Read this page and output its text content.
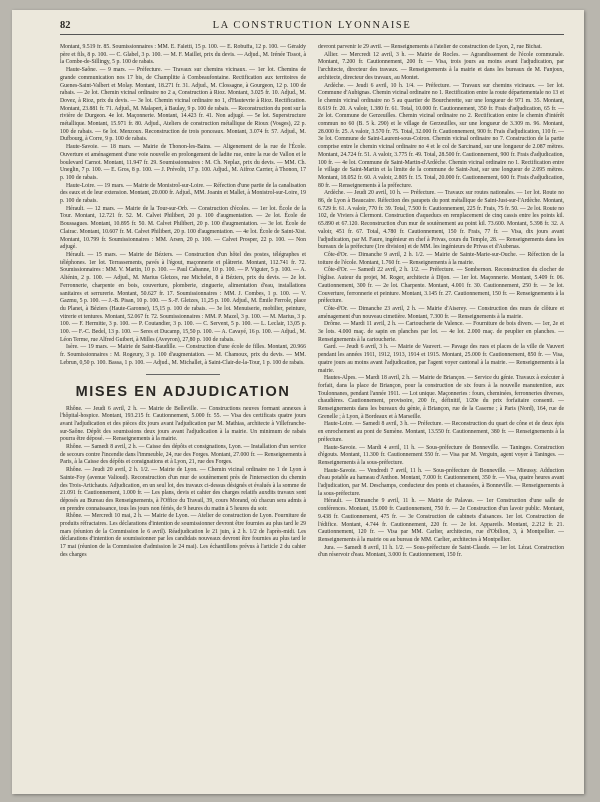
82	LA CONSTRUCTION LYONNAISE

Montant, 9.519 fr. 85. Soumissionnaires : MM. E. Faletti, 15 p. 100. — E. Robuffa, 12 p. 100. — Géraldy père et fils, 8 p. 100. — C. Glabel, 3 p. 100. — M. F. Maillet, prix du devis. — Adjud., M. Irénée Tissot, à la Combe-de-Sillingy, 5 p. 100 de rabais.

Haute-Saône. — 9 mars. — Préfecture. — Travaux sur chemins vicinaux. — 1er lot. Chemins de grande communication nos 17 bis, de Champlitte à Combeaufontaine. Rectification aux territoires de Guenes-Saint-Valbert et Molay. Montant, 18.271 fr. 31. Adjud., M. Clossagne, à Gourgeon, 12 p. 100 de rabais. — 2e lot. Chemin vicinal ordinaire no 2 a, Construction à Rioz. Montant, 3.025 fr. 10. Adjud., M. Dovez, à Rioz, prix du devis. — 3e lot. Chemin vicinal ordinaire no 1, d'Hautevrie à Rioz. Rectification. Montant, 23.881 fr. 71. Adjud., M. Malapert, à Baulay, 9 p. 100 de rabais. — Reconstruction du pont sur la rivière de Durgeon. 4e lot. Maçonnerie. Montant, 14.423 fr. 41. Non adjugé. — 5e lot. Superstructure métallique. Montant, 15.971 fr. 80. Adjud., Ateliers de construction métallique de Rioux (Vosges), 22 p. 100 de rabais. — 6e lot. Menzoux. Reconstruction de trois ponceaux. Montant, 3.074 fr. 57. Adjud., M. Dufbourg, à Corre, 9 p. 100 de rabais.

Haute-Savoie. — 18 mars. — Mairie de Thonon-les-Bains. — Aligenement de la rue de l'École. Ouverture et aménagement d'une voie nouvelle en prolongement de ladite rue, entre la rue de Vallon et le boulevard Carnot. Montant, 11.947 fr. 29. Soumissionnaires : M. Ch. Neplaz, prix du devis. — MM. Ch. Uneglin, 7 p. 100. — E. Gros, 8 p. 100. — J. Prévolit, 17 p. 100. Adjud., M. Aifroz Carrier, à Thonon, 17 p. 100 de rabais.

Haute-Loire. — 19 mars. — Mairie de Monistrol-sur-Loire. — Réfection d'une partie de la canalisation des eaux et de leur extension. Montant, 20.000 fr. Adjud., MM. Joanin et Mallet, à Monistrol-sur-Loire, 19 p. 100 de rabais.

Hérault. — 12 mars. — Mairie de la Tour-sur-Orb. — Construction d'écoles. — 1er lot. École de la Tour. Montant, 12.721 fr. 52. M. Calvet Philibert, 20 p. 100 d'augmentation. — 2e lot. École de Boussagues. Montant, 10.895 fr. 50. M. Calvet Philibert, 20 p. 100 d'augmentation. — 3e lot. École de Clairac. Montant, 10.607 fr. M. Calvet Philibert, 20 p. 100 d'augmentation. — 4e lot. École de Saint-Xist. Montant, 10.799 fr. Soumissionnaires : MM. Arsen, 20 p. 100. — Calvet Prosper, 22 p. 100. — Non adjugé.

Hérault. — 15 mars. — Mairie de Béziers. — Construction d'un hôtel des postes, télégraphes et téléphones. 1er lot. Terrassements, pavés à l'égout, maçonnerie et plâtrerie. Montant, 112.741 fr. 72. Soumissionnaires : MM. V. Martin, 10 p. 100. — Paul Cabanne, 10 p. 100. — P. Viguier, 5 p. 100. — A. Aliénin, 2 p. 100. — Adjud., M. Marius Gleizes, rue Michelet, 8 à Béziers, prix du devis. — 2e lot. Ferronnerie, charpente en bois, couverture, plomberie, zinguerie, alimentation d'eau, installations sanitaires et serrurerie. Montant, 50.627 fr. 17. Soumissionnaires : MM. J. Combes, 1 p. 100. — V. Gazmu, 5 p. 100. — J.-B. Pisan, 10 p. 100. — S.-F. Gleizes, 11,25 p. 100. Adjud., M. Émile Ferrole, place du Planet, à Béziers (Haute-Garonne), 15,15 p. 100 de rabais. — 3e lot. Menuiserie, mobilier, peinture, vitrerie et tentures. Montant, 52.067 fr. 72. Soumissionnaires : MM. P. Mazel, 3 p. 100. — M. Marius, 3 p. 100. — F. Hermitte, 3 p. 100. — P. Coutandier, 3 p. 100. — C. Servent, 5 p. 100. — L. Leclair, 13,05 p. 100. — F.-C. Bedel, 13 p. 100. — Seres et Ducamp, 15,50 p. 100. — A. Cavayé, 16 p. 100. — Adjud., M. Léon Terme, rue Alfred Guibert, à Milles (Aveyron), 27,80 p. 100 de rabais.

Isère. — 19 mars. — Mairie de Saint-Baudille. — Construction d'une école de filles. Montant, 20.966 fr. Soumissionnaires : M. Rogeury, 3 p. 100 d'augmentation. — M. Chamoux, prix du devis. — MM. Lebrun, 0,50 p. 100. Bassa, 1 p. 100. — Adjud., M. Michallet, à Saint-Clair-de-la-Tour, 1 p. 100 de rabais.

MISES EN ADJUDICATION

Rhône. — Jeudi 6 avril, 2 h. — Mairie de Belleville. — Constructions neuves formant annexes à l'hôpital-hospice. Montant, 193.215 fr. Cautionnement, 5.000 fr. 55. — Visa des certificats quatre jours avant l'adjudication et des pièces dix jours avant l'adjudication par M. Mathias, architecte à Villefranche-sur-Saône. Dépôt des soumissions deux jours avant l'adjudication à la mairie. Un minimum de rabais pourra être déposé. — Renseignements à la mairie.

Rhône. — Samedi 8 avril, 2 h. — Caisse des dépôts et consignations, Lyon. — Installation d'un service de secours contre l'incendie dans l'immeuble, 24, rue des Forges. Montant, 27.000 fr. — Renseignements à Paris, à la Caisse des dépôts et consignations et à Lyon, 21, rue des Forges.

Rhône. — Jeudi 20 avril, 2 h. 1/2. — Mairie de Lyon. — Chemin vicinal ordinaire no 1 de Lyon à Sainte-Foy (avenue Valioud). Reconstruction d'un mur de soutènement près de l'intersection du chemin des Trois-Artichauts. Adjudication, en un seul lot, des travaux ci-dessus désignés et évalués à la somme de 21.091 fr. Cautionnement, 1.000 fr. — Les plans, devis et cahier des charges relatifs auxdits travaux sont déposés au Bureau des Renseignements, à l'Office du Travail, 39, cours Morand, où chacun sera admis à en prendre connaissance, tous les jours non fériés, de 9 heures du matin à 5 heures du soir.

Rhône. — Mercredi 10 mai, 2 h. — Mairie de Lyon. — Atelier de construction de Lyon. Fourniture de produits réfractaires. Les déclarations d'intention de soumissionner devront être fournies au plus tard le 29 mars (réunion de la Commission le 6 avril). Réadjudication le 21 juin, à 2 h. 1/2 de l'après-midi. Les déclarations d'intention de soumissionner par les candidats nouveaux devront être fournies au plus tard le 17 mai (réunion de la Commission d'admission le 24 mai). Les échantillons prévus à l'article 2 du cahier des charges

devront parvenir le 29 avril. — Renseignements à l'atelier de construction de Lyon, 2, rue Bichat.

Allier. — Mercredi 12 avril, 3 h. — Mairie de Rocles. — Agrandissement de l'école communale. Montant, 7.200 fr. Cautionnement, 200 fr. — Visa, trois jours au moins avant l'adjudication, par l'architecte, directeur des travaux. — Renseignements à la mairie et dans les bureaux de M. Fanjoux, architecte, directeur des travaux, au Montet.

Ardèche. — Jeudi 6 avril, 10 h. 1/4. — Préfecture. — Travaux sur chemins vicinaux. — 1er lot. Commune d'Aubignas. Chemin vicinal ordinaire no 1. Rectification entre la route départementale no 13 et le chemin vicinal ordinaire no 5 au quartier de Bourcherette, sur une longueur de 971 m. 35. Montant, 8.619 fr. 20. A valoir, 1.380 fr. 61. Total, 10.000 fr. Cautionnement, 350 fr. Frais d'adjudication, 65 fr. — 2e lot. Commune de Gerzeuilles. Chemin vicinal ordinaire no 2. Rectification entre le chemin d'intérêt commun no 60 (B. 5 k. 290) et le village de Gerzeuilles, sur une longueur de 3.309 m. 96. Montant, 28.000 fr. 25. A valoir, 3.570 fr. 75. Total, 32.000 fr. Cautionnement, 900 fr. Frais d'adjudication, 110 fr. — 3e lot. Commune de Saint-Laurent-sous-Coiron. Chemin vicinal ordinaire no 7. Construction de la partie comprise entre le chemin vicinal ordinaire no 4 et le col de Sarcinand, sur une longueur de 2.087 mètres. Montant, 24.724 fr. 51. A valoir, 3.775 fr. 49. Total, 28.500 fr. Cautionnement, 900 fr. Frais d'adjudication, 100 fr. — 4e lot. Commune de Saint-Martin-d'Ardèche. Chemin vicinal ordinaire no 1. Rectification entre le village de Saint-Martin et la limite de la commune de Saint-Just, sur une longueur de 2.095 mètres. Montant, 18.052 fr. 60. A valoir, 2.805 fr. 15. Total, 20.000 fr. Cautionnement, 600 fr. Frais d'adjudication, 80 fr. — Renseignements à la préfecture.

Ardèche. — Jeudi 20 avril, 10 h. — Préfecture. — Travaux sur routes nationales. — 1er lot. Route no 86, de Lyon à Beaucaire. Réfection des parapets du pont métallique de Saint-Just-sur-l'Ardèche. Montant, 6.729 fr. 61. A valoir, 770 fr. 39. Total, 7.500 fr. Cautionnement, 225 fr. Frais, 75 fr. 50. — 2e lot. Route no 102, de Viviers à Clermont. Construction d'aqueducs en remplacement de cinq cassis entre les points kil. 65.890 et 67.120. Reconstruction d'un mur de soutènement au point kil. 73.600. Montant, 5.398 fr. 32. A valoir, 451 fr. 67. Total, 4.780 fr. Cautionnement, 150 fr. Frais, 77 fr. — Visa, dix jours avant l'adjudication, par M. Faure, ingénieur en chef à Privas, cours du Temple, 28. — Renseignements dans les bureaux de la préfecture (1re division) et de MM. les ingénieurs de Privas et d'Aubenas.

Côte-d'Or. — Dimanche 9 avril, 2 h. 1/2. — Mairie de Sainte-Marie-sur-Ouche. — Réfection de la toiture de l'école. Montant, 1.760 fr. — Renseignements à la mairie.

Côte-d'Or. — Samedi 22 avril, 2 h. 1/2. — Préfecture. — Sombernon. Reconstruction du clocher de l'église. Auteur du projet, M. Roger, architecte à Dijon. — 1er lot. Maçonnerie. Montant, 5.409 fr. 06. Cautionnement, 300 fr. — 2e lot. Charpente. Montant, 4.001 fr. 30. Cautionnement, 250 fr. — 3e lot. Couverture, ferronnerie et peinture. Montant, 3.145 fr. 27. Cautionnement, 150 fr. — Renseignements à la préfecture.

Côte-d'Or. — Dimanche 23 avril, 2 h. — Mairie d'Aiserey. — Construction des murs de clôture et aménagement d'un nouveau cimetière. Montant, 7.300 fr. — Renseignements à la mairie.

Drôme. — Mardi 11 avril, 2 h. — Cartoucherie de Valence. — Fourniture de bois divers. — 1er, 2e et 3e lots. 4.000 maç. de sapin en planches par lot. — 4e lot. 2.000 maç. de peuplier en planches. — Renseignements à la cartoucherie.

Gard. — Jeudi 6 avril, 3 h. — Mairie de Vauvert. — Pavage des rues et places de la ville de Vauvert pendant les années 1911, 1912, 1913, 1914 et 1915. Montant, 25.000 fr. Cautionnement, 850 fr. — Visa, quatre jours au moins avant l'adjudication, par l'agent voyer cantonal à la mairie. — Renseignements à la mairie.

Hautes-Alpes. — Mardi 18 avril, 2 h. — Mairie de Briançon. — Service du génie. Travaux à exécuter à forfait, dans la place de Briançon, pour la construction de six fours à la nouvelle manutention, aux Toulonnanes, pendant l'année 1911. — Lot unique. Maçonneries : fours, cheminées, ferronneries diverses, chaudières. Cautionnement, provisoire, 200 fr., définitif, 1/20e du prix forfaitaire consenti. — Renseignements dans les bureaux du génie, à Briançon, rue de la Caserne ; à Paris (Nord), 164, rue de Grenelle ; à Lyon, à Bordeaux et à Marseille.

Haute-Loire. — Samedi 8 avril, 3 h. — Préfecture. — Reconstruction du quart de cône et de deux épis en enrochement au pont de Sumène. Montant, 13.550 fr. Cautionnement, 380 fr. — Renseignements à la préfecture.

Haute-Savoie. — Mardi 4 avril, 11 h. — Sous-préfecture de Bonneville. — Taninges. Construction d'égouts. Montant, 11.300 fr. Cautionnement 550 fr. — Visa par M. Verguin, agent voyer à Taninges. — Renseignements à la sous-préfecture.

Haute-Savoie. — Vendredi 7 avril, 11 h. — Sous-préfecture de Bonneville. — Mieussy. Adduction d'eau potable au hameau d'Anthon. Montant, 7.000 fr. Cautionnement, 350 fr. — Visa, quatre heures avant l'adjudication, par M. Deschamps, conducteur des ponts et chaussées, à Bonneville. — Renseignements à la sous-préfecture.

Hérault. — Dimanche 9 avril, 11 h. — Mairie de Palavas. — 1er Construction d'une salle de conférences. Montant, 15.000 fr. Cautionnement, 750 fr. — 2e Construction d'un lavoir public. Montant, 9.438 fr. Cautionnement, 475 fr. — 3e Construction de cabinets d'aisances. 1er lot. Construction de l'édifice. Montant, 4.744 fr. Cautionnement, 220 fr. — 2e lot. Appareils. Montant, 2.212 fr. 21. Cautionnement, 120 fr. — Visa par MM. Carlier, architectes, rue d'Obilion, 3, à Montpellier. — Renseignements à la mairie ou au bureau de MM. Carlier, architectes à Montpellier.

Jura. — Samedi 8 avril, 11 h. 1/2. — Sous-préfecture de Saint-Claude. — 1er lot. Lézat. Construction d'un réservoir d'eau. Montant, 3.000 fr. Cautionnement, 150 fr.
